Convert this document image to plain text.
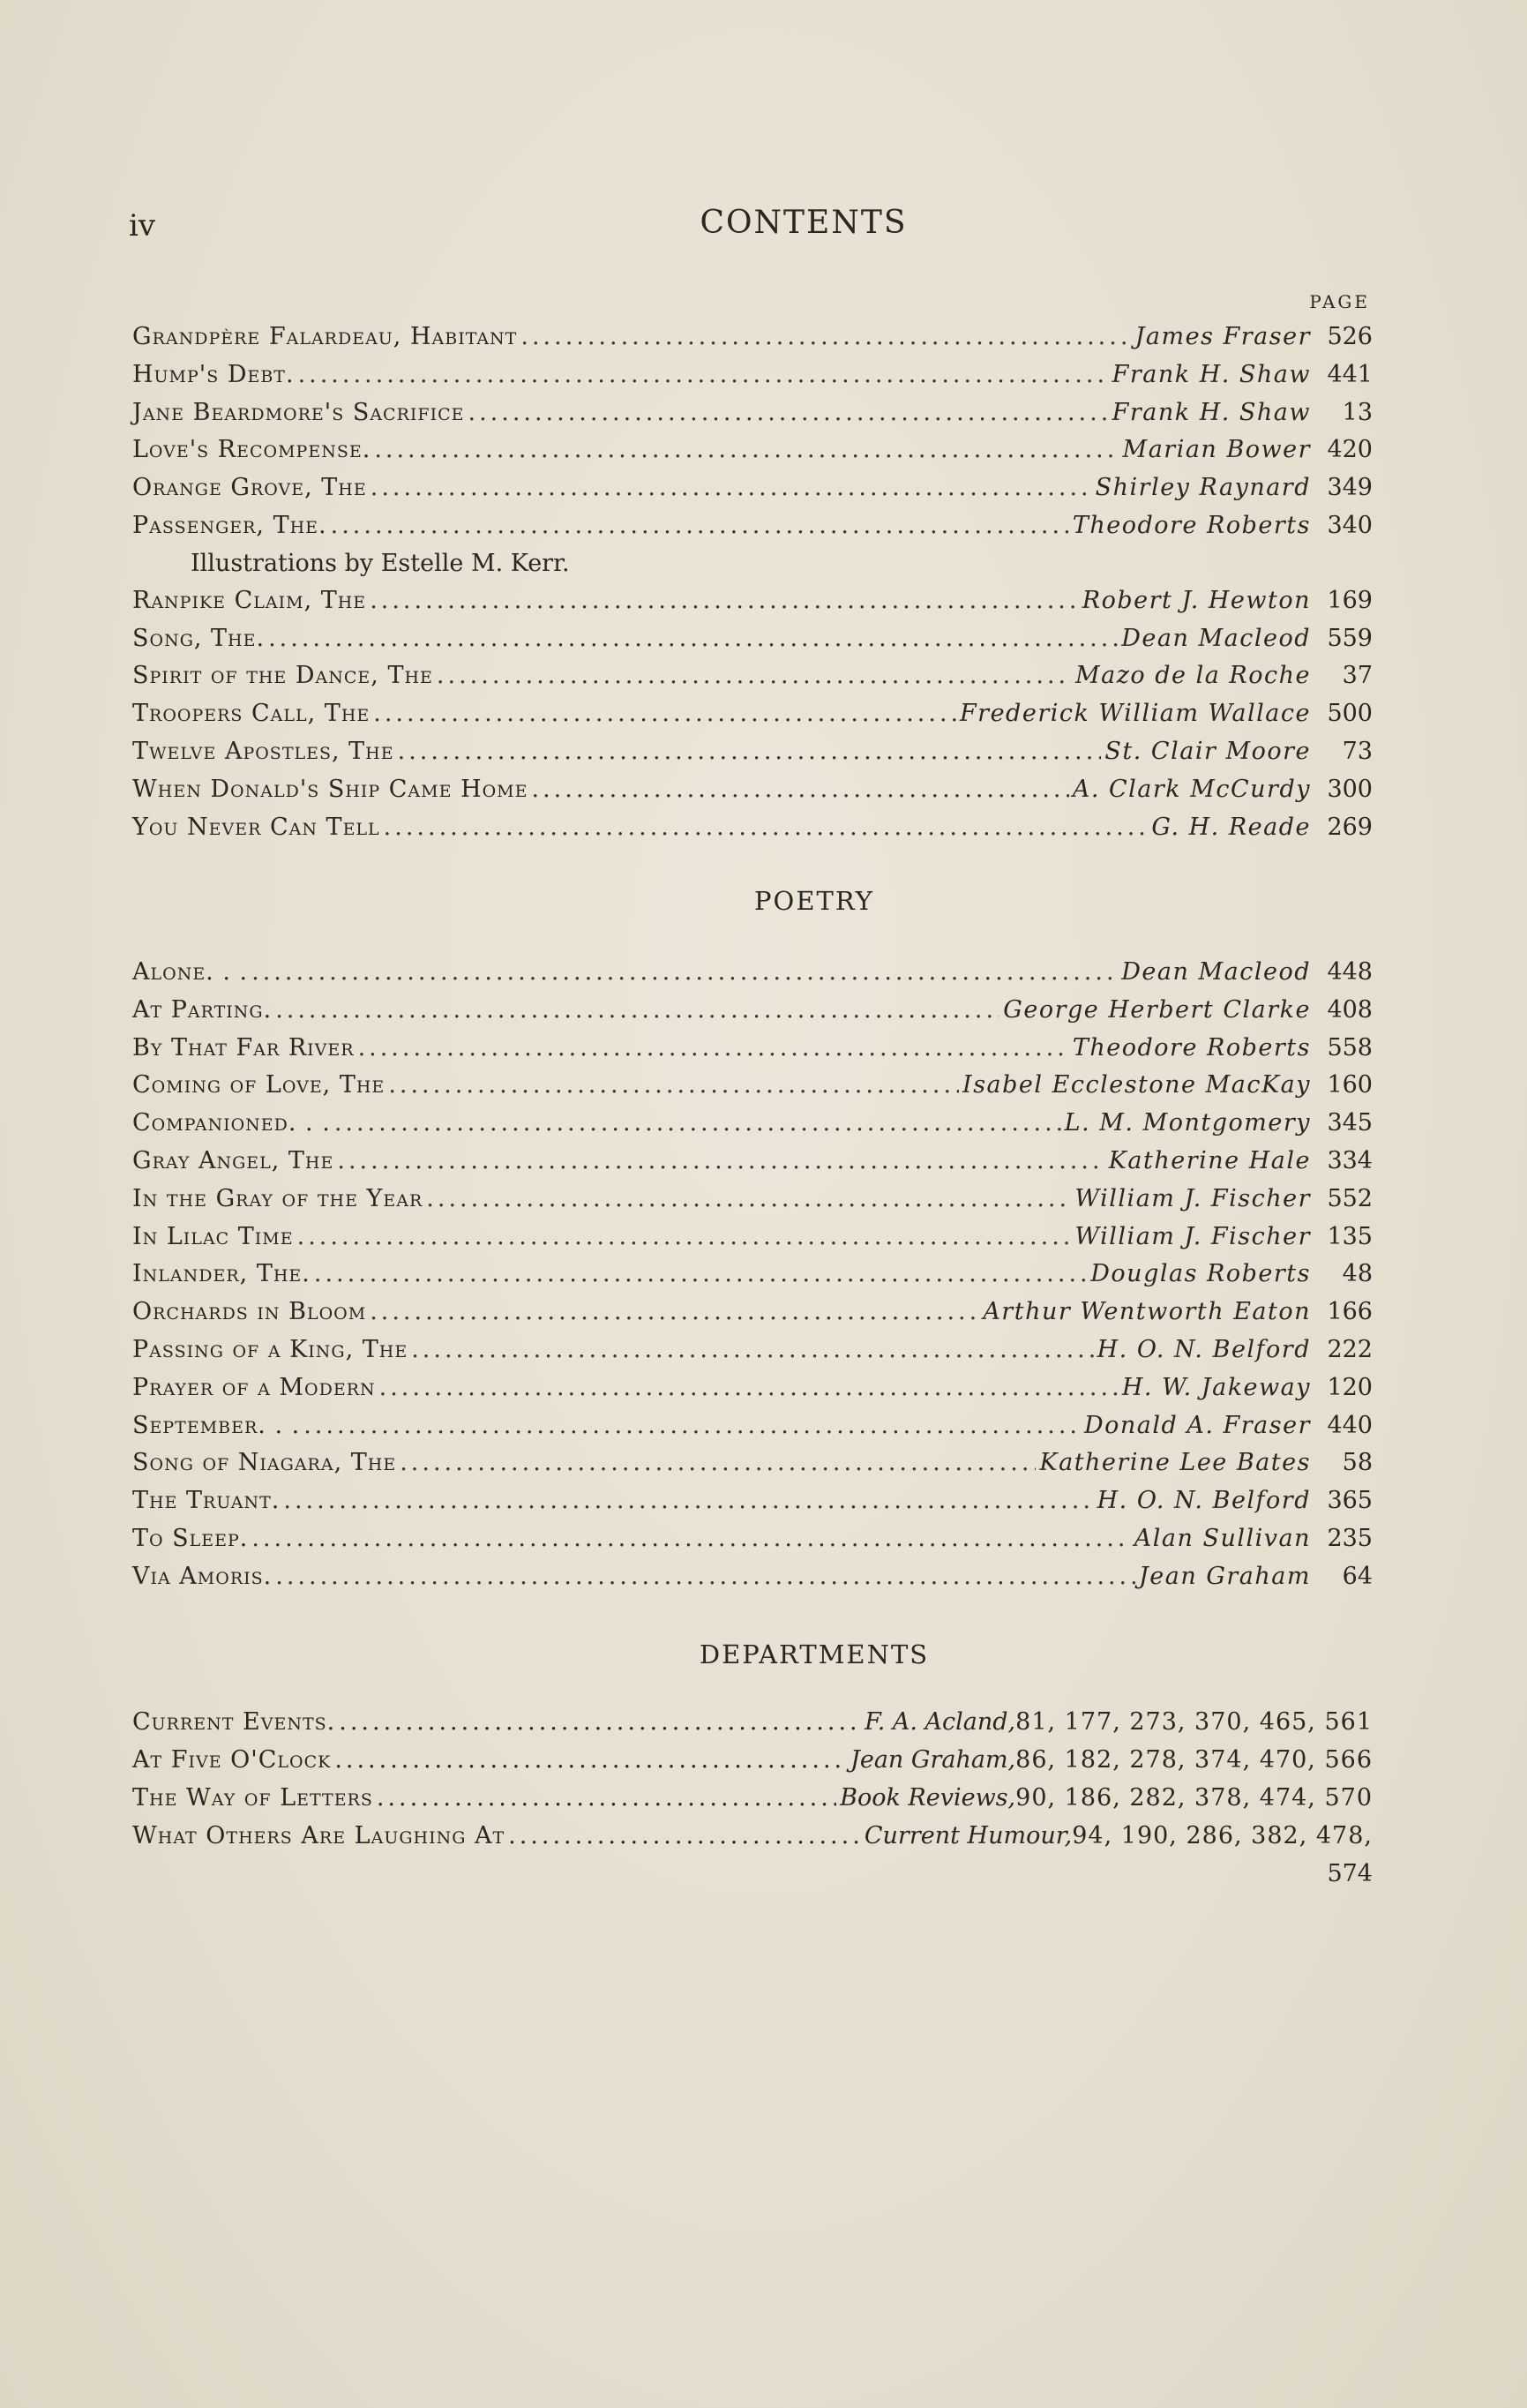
iv	CONTENTS
PAGE
Grandpère Falardeau, Habitant .....	James Fraser 526
Hump's Debt. .....	Frank H. Shaw 441
Jane Beardmore's Sacrifice .....	Frank H. Shaw	13
Love's Recompense. .....	Marian Bower 420
Orange Grove, The .....	Shirley Raynard 349
Passenger, The. .....	Theodore Roberts 340
Illustrations by Estelle M. Kerr.
Ranpike Claim, The .....	Robert J. Hewton 169
Song, The. .....	Dean Macleod 559
Spirit of the Dance, The .....	Mazo de la Roche	37
Troopers Call, The .....	Frederick William Wallace 500
Twelve Apostles, The .....	St. Clair Moore	73
When Donald's Ship Came Home .....	A. Clark McCurdy 300
You Never Can Tell .....	G. H. Reade 269
POETRY
Alone. . . .....	Dean Macleod 448
At Parting. .....	George Herbert Clarke 408
By That Far River .....	Theodore Roberts 558
Coming of Love, The .....	Isabel Ecclestone MacKay 160
Companioned. . . .....	L. M. Montgomery 345
Gray Angel, The .....	Katherine Hale 334
In the Gray of the Year .....	William J. Fischer 552
In Lilac Time .....	William J. Fischer 135
Inlander, The. .....	Douglas Roberts	48
Orchards in Bloom .....	Arthur Wentworth Eaton 166
Passing of a King, The .....	H. O. N. Belford 222
Prayer of a Modern .....	H. W. Jakeway 120
September. . . .....	Donald A. Fraser 440
Song of Niagara, The .....	Katherine Lee Bates	58
The Truant. .....	H. O. N. Belford 365
To Sleep. .....	Alan Sullivan 235
Via Amoris. .....	Jean Graham	64
DEPARTMENTS
Current Events. .....	F. A. Acland, 81, 177, 273, 370, 465, 561
At Five O'Clock .....	Jean Graham, 86, 182, 278, 374, 470, 566
The Way of Letters .....	Book Reviews, 90, 186, 282, 378, 474, 570
What Others Are Laughing At .....	Current Humour, 94, 190, 286, 382, 478,
574
